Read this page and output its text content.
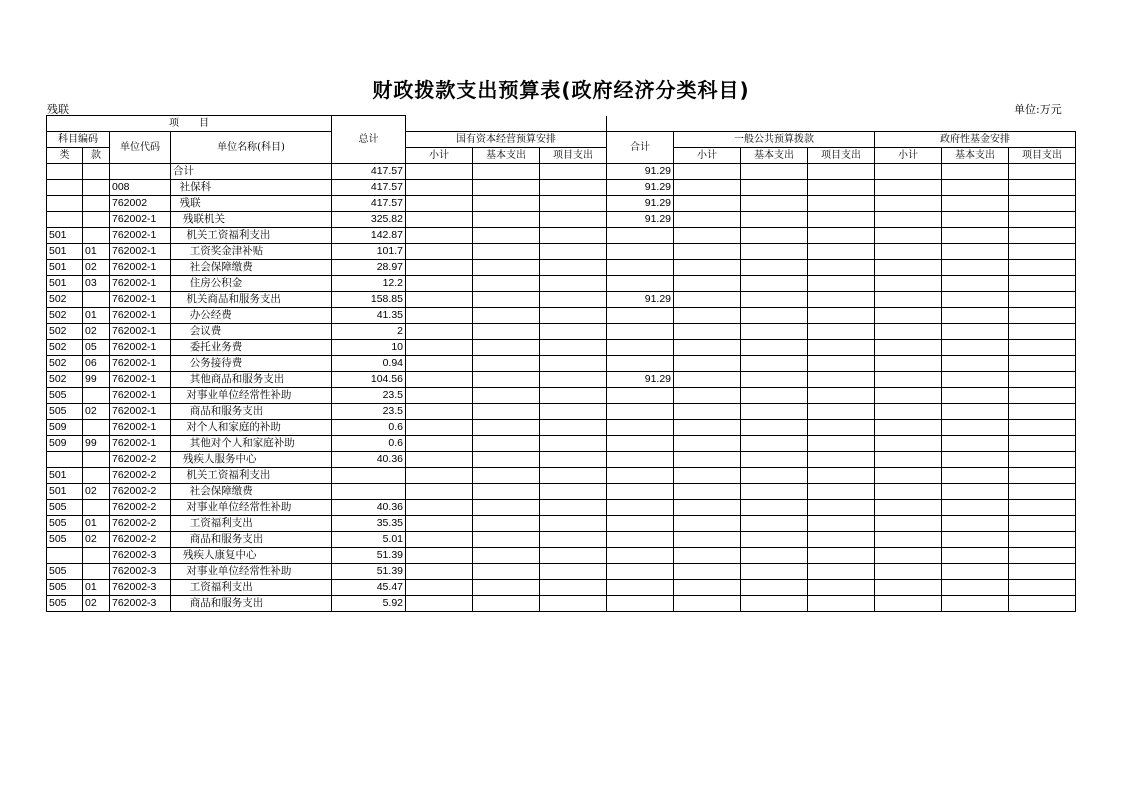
财政拨款支出预算表(政府经济分类科目)
残联	单位:万元
项　　目				总计										
科目编码		单位代码	单位名称(科目)		国有资本经营预算安排			合计	一般公共预算拨款			政府性基金安排		
类	款				小计	基本支出	项目支出		小计	基本支出	项目支出	小计	基本支出	项目支出
			合计	417.57				91.29						
		008	社保科	417.57				91.29						
		762002	残联	417.57				91.29						
		762002-1	残联机关	325.82				91.29						
501		762002-1	机关工资福利支出	142.87										
501	01	762002-1	工资奖金津补贴	101.7										
501	02	762002-1	社会保障缴费	28.97										
501	03	762002-1	住房公积金	12.2										
502		762002-1	机关商品和服务支出	158.85				91.29						
502	01	762002-1	办公经费	41.35										
502	02	762002-1	会议费	2										
502	05	762002-1	委托业务费	10										
502	06	762002-1	公务接待费	0.94										
502	99	762002-1	其他商品和服务支出	104.56				91.29						
505		762002-1	对事业单位经常性补助	23.5										
505	02	762002-1	商品和服务支出	23.5										
509		762002-1	对个人和家庭的补助	0.6										
509	99	762002-1	其他对个人和家庭补助	0.6										
		762002-2	残疾人服务中心	40.36										
501		762002-2	机关工资福利支出											
501	02	762002-2	社会保障缴费											
505		762002-2	对事业单位经常性补助	40.36										
505	01	762002-2	工资福利支出	35.35										
505	02	762002-2	商品和服务支出	5.01										
		762002-3	残疾人康复中心	51.39										
505		762002-3	对事业单位经常性补助	51.39										
505	01	762002-3	工资福利支出	45.47										
505	02	762002-3	商品和服务支出	5.92										
